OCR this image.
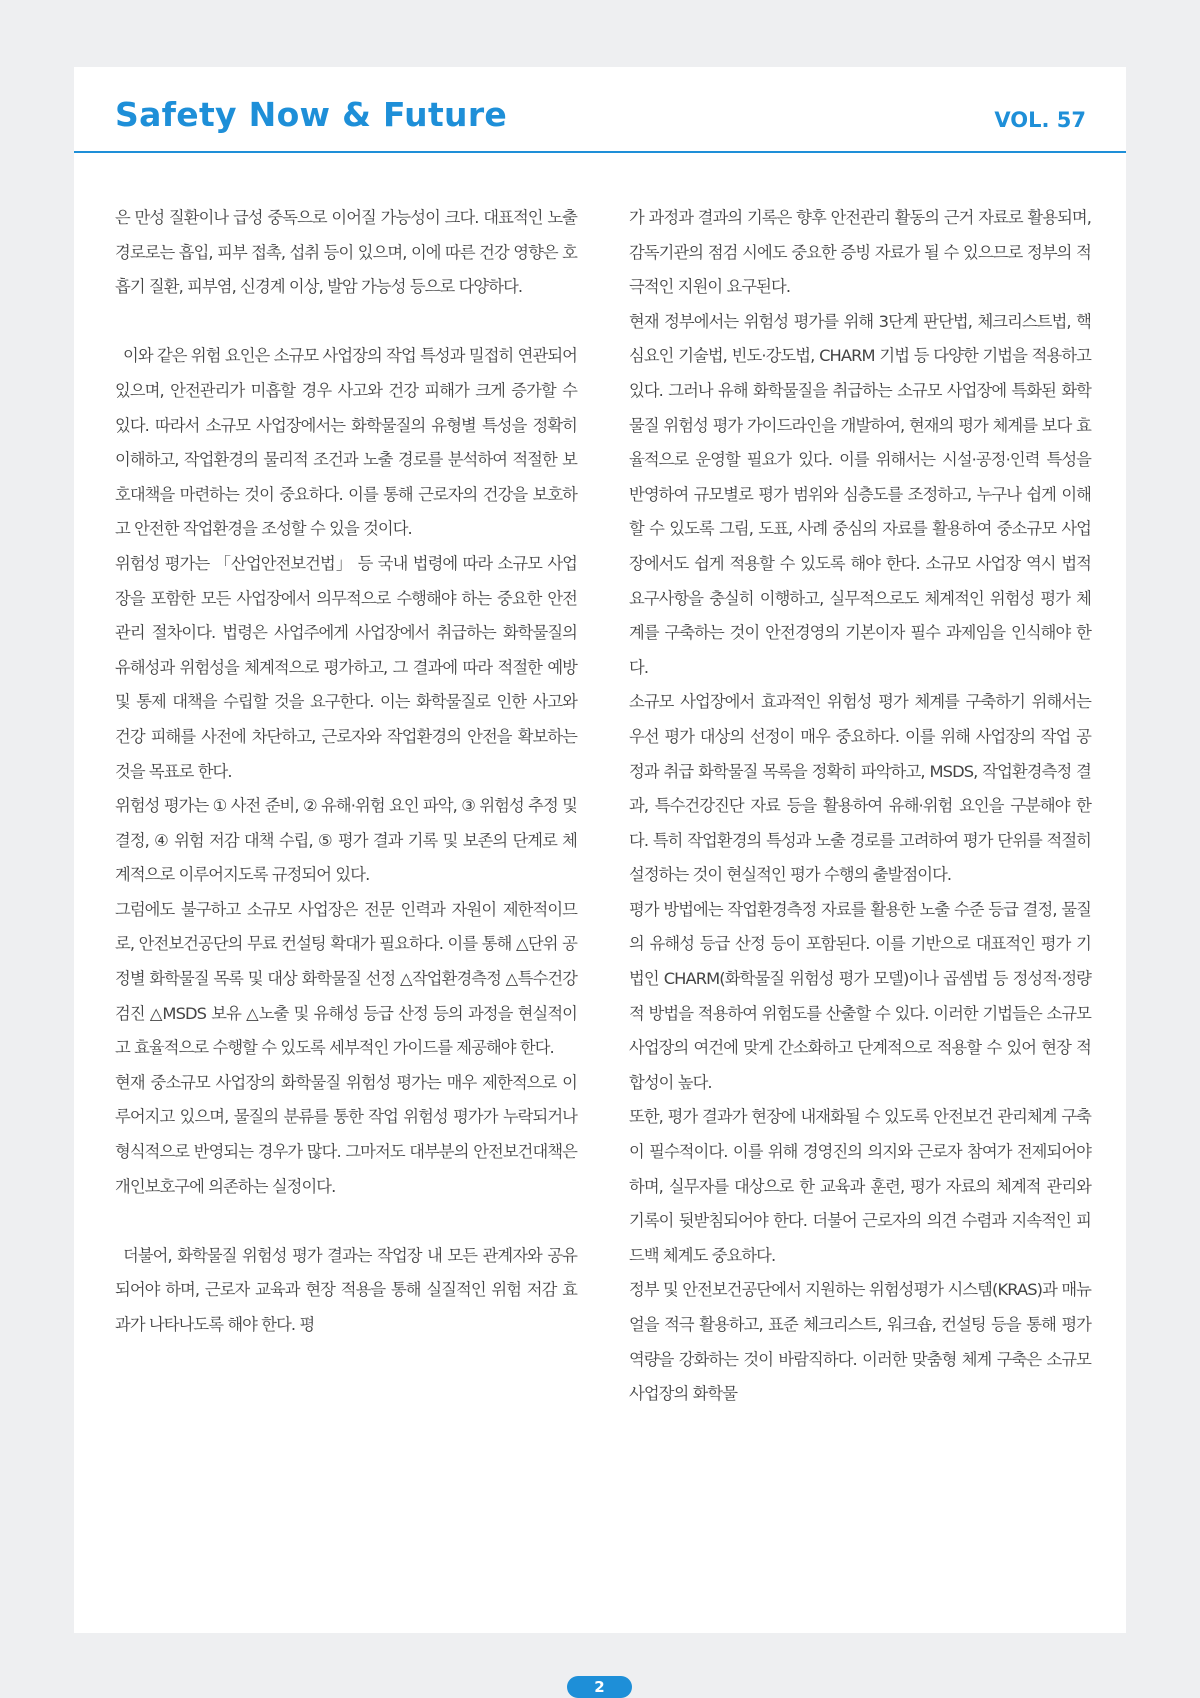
Safety Now & Future	VOL. 57

은 만성 질환이나 급성 중독으로 이어질 가능성이 크다. 대표적인 노출 경로로는 흡입, 피부 접촉, 섭취 등이 있으며, 이에 따른 건강 영향은 호흡기 질환, 피부염, 신경계 이상, 발암 가능성 등으로 다양하다.

이와 같은 위험 요인은 소규모 사업장의 작업 특성과 밀접히 연관되어 있으며, 안전관리가 미흡할 경우 사고와 건강 피해가 크게 증가할 수 있다. 따라서 소규모 사업장에서는 화학물질의 유형별 특성을 정확히 이해하고, 작업환경의 물리적 조건과 노출 경로를 분석하여 적절한 보호대책을 마련하는 것이 중요하다. 이를 통해 근로자의 건강을 보호하고 안전한 작업환경을 조성할 수 있을 것이다.

위험성 평가는 「산업안전보건법」 등 국내 법령에 따라 소규모 사업장을 포함한 모든 사업장에서 의무적으로 수행해야 하는 중요한 안전관리 절차이다. 법령은 사업주에게 사업장에서 취급하는 화학물질의 유해성과 위험성을 체계적으로 평가하고, 그 결과에 따라 적절한 예방 및 통제 대책을 수립할 것을 요구한다. 이는 화학물질로 인한 사고와 건강 피해를 사전에 차단하고, 근로자와 작업환경의 안전을 확보하는 것을 목표로 한다.

위험성 평가는 ① 사전 준비, ② 유해·위험 요인 파악, ③ 위험성 추정 및 결정, ④ 위험 저감 대책 수립, ⑤ 평가 결과 기록 및 보존의 단계로 체계적으로 이루어지도록 규정되어 있다.

그럼에도 불구하고 소규모 사업장은 전문 인력과 자원이 제한적이므로, 안전보건공단의 무료 컨설팅 확대가 필요하다. 이를 통해 △단위 공정별 화학물질 목록 및 대상 화학물질 선정 △작업환경측정 △특수건강검진 △MSDS 보유 △노출 및 유해성 등급 산정 등의 과정을 현실적이고 효율적으로 수행할 수 있도록 세부적인 가이드를 제공해야 한다.

현재 중소규모 사업장의 화학물질 위험성 평가는 매우 제한적으로 이루어지고 있으며, 물질의 분류를 통한 작업 위험성 평가가 누락되거나 형식적으로 반영되는 경우가 많다. 그마저도 대부분의 안전보건대책은 개인보호구에 의존하는 실정이다.

더불어, 화학물질 위험성 평가 결과는 작업장 내 모든 관계자와 공유되어야 하며, 근로자 교육과 현장 적용을 통해 실질적인 위험 저감 효과가 나타나도록 해야 한다. 평

가 과정과 결과의 기록은 향후 안전관리 활동의 근거 자료로 활용되며, 감독기관의 점검 시에도 중요한 증빙 자료가 될 수 있으므로 정부의 적극적인 지원이 요구된다.

현재 정부에서는 위험성 평가를 위해 3단계 판단법, 체크리스트법, 핵심요인 기술법, 빈도·강도법, CHARM 기법 등 다양한 기법을 적용하고 있다. 그러나 유해 화학물질을 취급하는 소규모 사업장에 특화된 화학물질 위험성 평가 가이드라인을 개발하여, 현재의 평가 체계를 보다 효율적으로 운영할 필요가 있다. 이를 위해서는 시설·공정·인력 특성을 반영하여 규모별로 평가 범위와 심층도를 조정하고, 누구나 쉽게 이해할 수 있도록 그림, 도표, 사례 중심의 자료를 활용하여 중소규모 사업장에서도 쉽게 적용할 수 있도록 해야 한다. 소규모 사업장 역시 법적 요구사항을 충실히 이행하고, 실무적으로도 체계적인 위험성 평가 체계를 구축하는 것이 안전경영의 기본이자 필수 과제임을 인식해야 한다.

소규모 사업장에서 효과적인 위험성 평가 체계를 구축하기 위해서는 우선 평가 대상의 선정이 매우 중요하다. 이를 위해 사업장의 작업 공정과 취급 화학물질 목록을 정확히 파악하고, MSDS, 작업환경측정 결과, 특수건강진단 자료 등을 활용하여 유해·위험 요인을 구분해야 한다. 특히 작업환경의 특성과 노출 경로를 고려하여 평가 단위를 적절히 설정하는 것이 현실적인 평가 수행의 출발점이다.

평가 방법에는 작업환경측정 자료를 활용한 노출 수준 등급 결정, 물질의 유해성 등급 산정 등이 포함된다. 이를 기반으로 대표적인 평가 기법인 CHARM(화학물질 위험성 평가 모델)이나 곱셈법 등 정성적·정량적 방법을 적용하여 위험도를 산출할 수 있다. 이러한 기법들은 소규모 사업장의 여건에 맞게 간소화하고 단계적으로 적용할 수 있어 현장 적합성이 높다.

또한, 평가 결과가 현장에 내재화될 수 있도록 안전보건 관리체계 구축이 필수적이다. 이를 위해 경영진의 의지와 근로자 참여가 전제되어야 하며, 실무자를 대상으로 한 교육과 훈련, 평가 자료의 체계적 관리와 기록이 뒷받침되어야 한다. 더불어 근로자의 의견 수렴과 지속적인 피드백 체계도 중요하다.

정부 및 안전보건공단에서 지원하는 위험성평가 시스템(KRAS)과 매뉴얼을 적극 활용하고, 표준 체크리스트, 워크숍, 컨설팅 등을 통해 평가 역량을 강화하는 것이 바람직하다. 이러한 맞춤형 체계 구축은 소규모 사업장의 화학물

2
